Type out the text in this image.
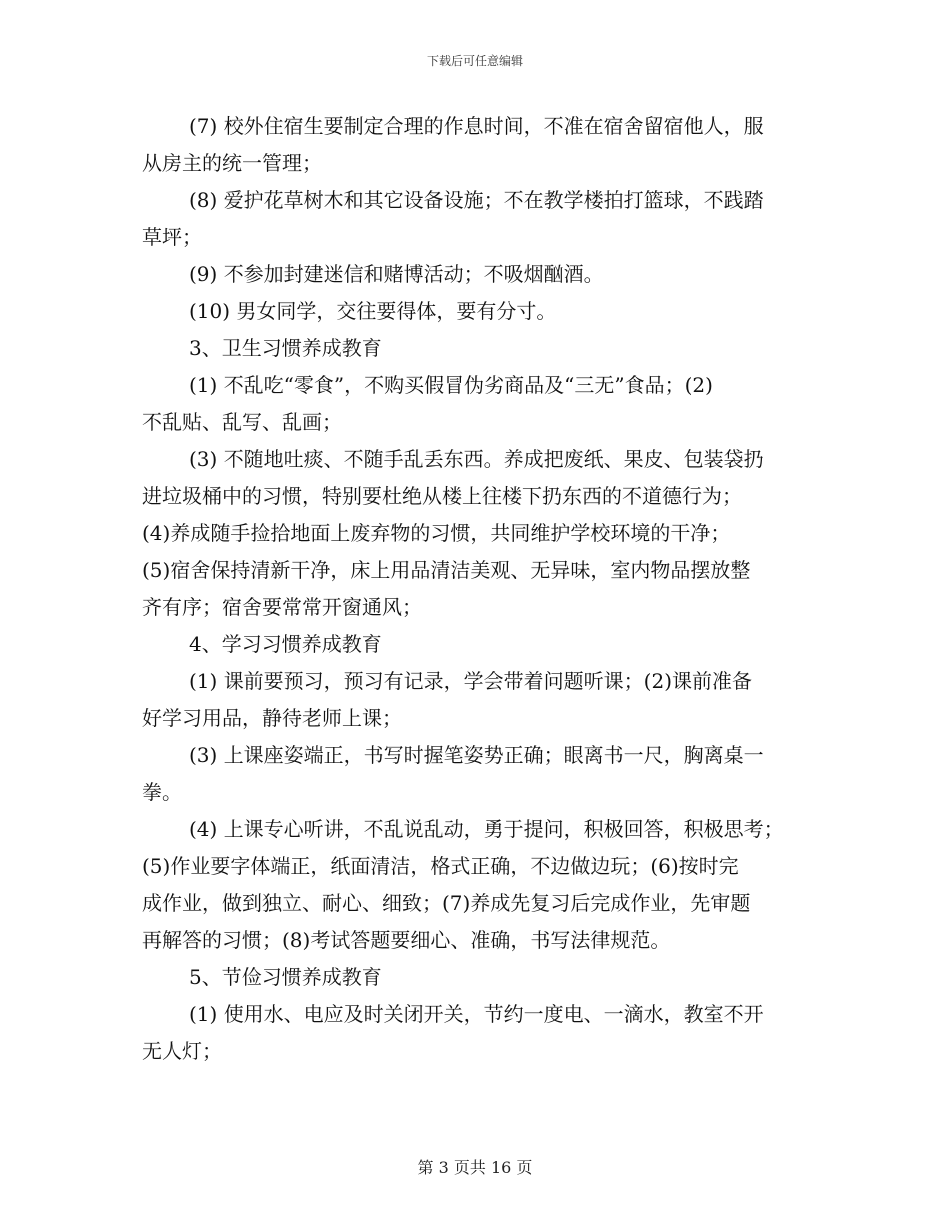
下载后可任意编辑
(7) 校外住宿生要制定合理的作息时间，不准在宿舍留宿他人，服
从房主的统一管理；
(8) 爱护花草树木和其它设备设施；不在教学楼拍打篮球，不践踏
草坪；
(9) 不参加封建迷信和赌博活动；不吸烟酗酒。
(10) 男女同学，交往要得体，要有分寸。
3、卫生习惯养成教育
(1) 不乱吃“零食”，不购买假冒伪劣商品及“三无”食品；(2)
不乱贴、乱写、乱画；
(3) 不随地吐痰、不随手乱丢东西。养成把废纸、果皮、包装袋扔
进垃圾桶中的习惯，特别要杜绝从楼上往楼下扔东西的不道德行为；
(4)养成随手捡拾地面上废弃物的习惯，共同维护学校环境的干净；
(5)宿舍保持清新干净，床上用品清洁美观、无异味，室内物品摆放整
齐有序；宿舍要常常开窗通风；
4、学习习惯养成教育
(1) 课前要预习，预习有记录，学会带着问题听课；(2)课前准备
好学习用品，静待老师上课；
(3) 上课座姿端正，书写时握笔姿势正确；眼离书一尺，胸离桌一
拳。
(4) 上课专心听讲，不乱说乱动，勇于提问，积极回答，积极思考；
(5)作业要字体端正，纸面清洁，格式正确，不边做边玩；(6)按时完
成作业，做到独立、耐心、细致；(7)养成先复习后完成作业，先审题
再解答的习惯；(8)考试答题要细心、准确，书写法律规范。
5、节俭习惯养成教育
(1) 使用水、电应及时关闭开关，节约一度电、一滴水，教室不开
无人灯；
第 3 页共 16 页
